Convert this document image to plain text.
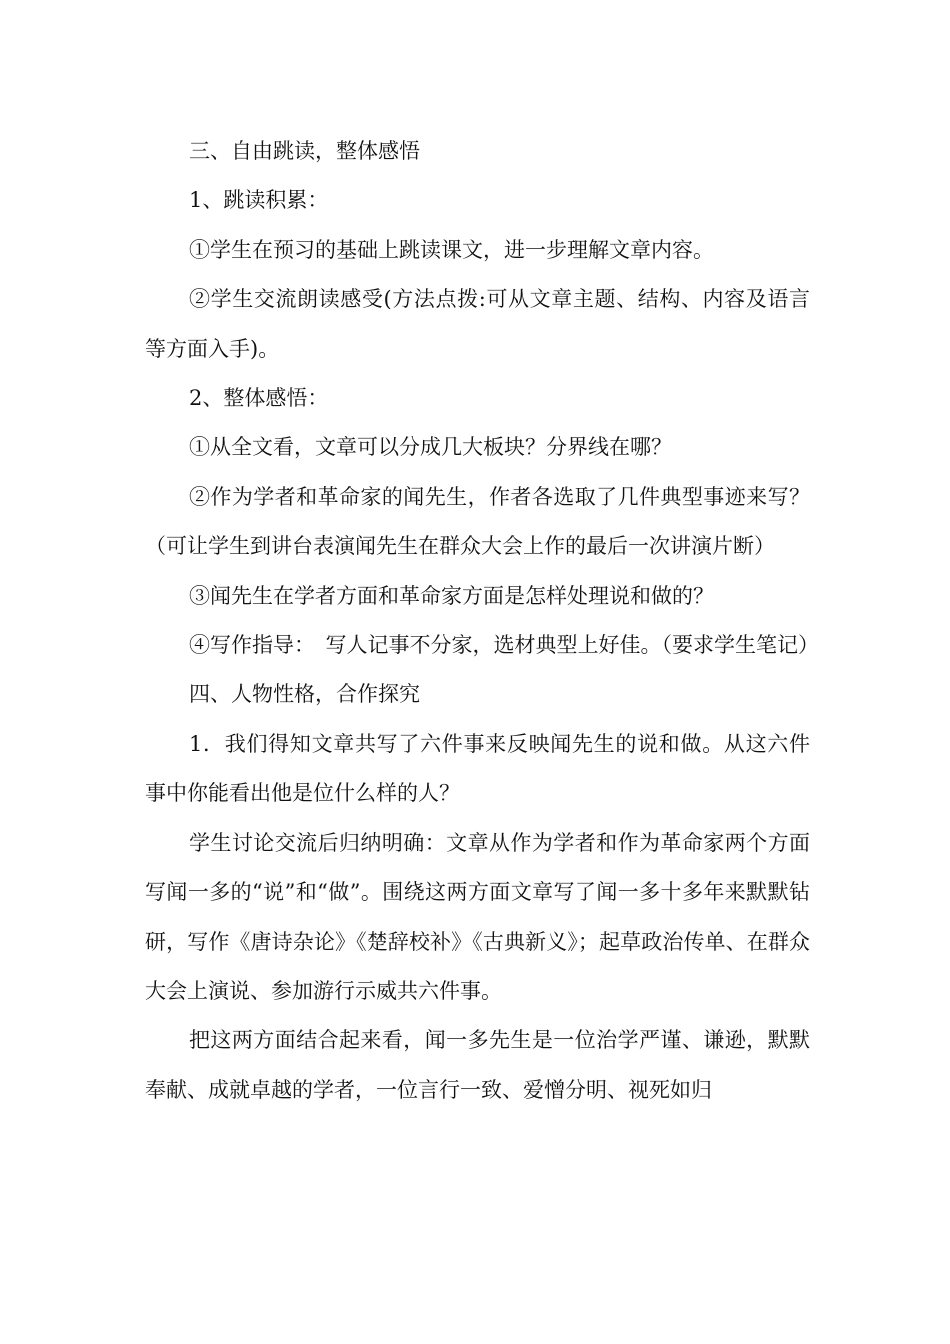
三、自由跳读，整体感悟

1、跳读积累：

①学生在预习的基础上跳读课文，进一步理解文章内容。

②学生交流朗读感受(方法点拨:可从文章主题、结构、内容及语言等方面入手)。

2、整体感悟：

①从全文看，文章可以分成几大板块？分界线在哪？

②作为学者和革命家的闻先生，作者各选取了几件典型事迹来写？（可让学生到讲台表演闻先生在群众大会上作的最后一次讲演片断）

③闻先生在学者方面和革命家方面是怎样处理说和做的？

④写作指导：　写人记事不分家，选材典型上好佳。（要求学生笔记）

四、人物性格，合作探究

1．我们得知文章共写了六件事来反映闻先生的说和做。从这六件事中你能看出他是位什么样的人？

学生讨论交流后归纳明确：文章从作为学者和作为革命家两个方面写闻一多的“说”和“做”。围绕这两方面文章写了闻一多十多年来默默钻研，写作《唐诗杂论》《楚辞校补》《古典新义》；起草政治传单、在群众大会上演说、参加游行示威共六件事。

把这两方面结合起来看，闻一多先生是一位治学严谨、谦逊，默默奉献、成就卓越的学者，一位言行一致、爱憎分明、视死如归
